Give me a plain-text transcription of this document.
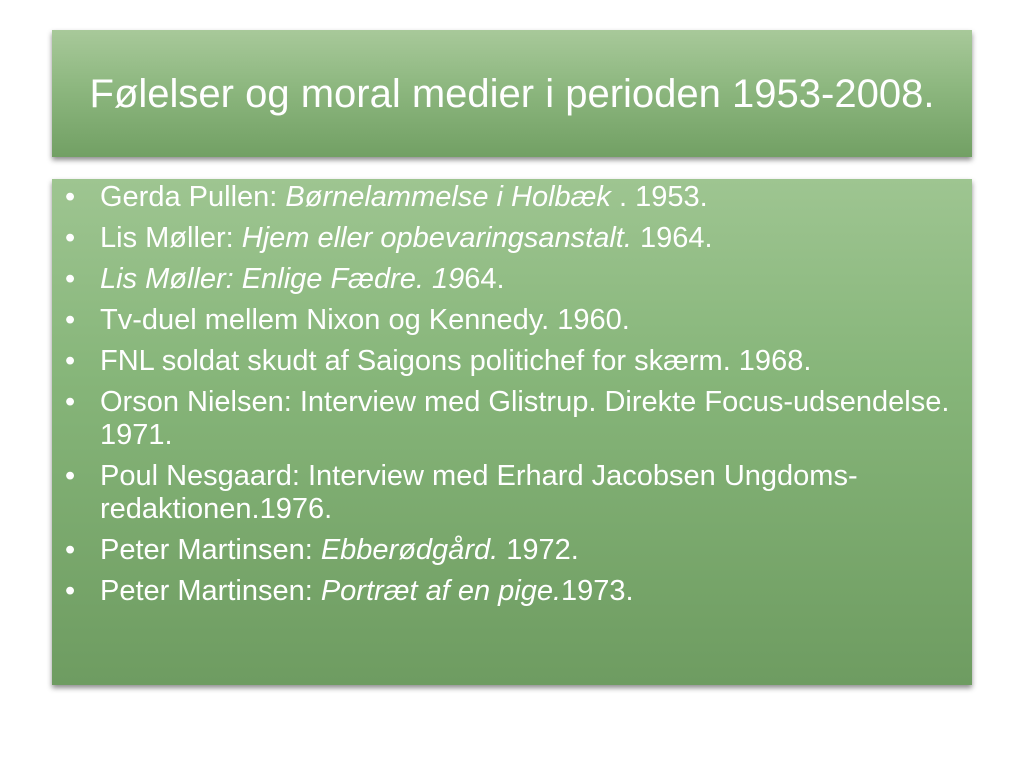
Følelser og moral medier i perioden 1953-2008.
• Gerda Pullen: Børnelammelse i Holbæk . 1953.
• Lis Møller: Hjem eller opbevaringsanstalt. 1964.
• Lis Møller: Enlige Fædre. 1964.
• Tv-duel mellem Nixon og Kennedy. 1960.
• FNL soldat skudt af Saigons politichef for skærm. 1968.
• Orson Nielsen: Interview med Glistrup. Direkte Focus-udsendelse. 1971.
• Poul Nesgaard: Interview med Erhard Jacobsen Ungdoms-redaktionen.1976.
• Peter Martinsen: Ebberødgård. 1972.
• Peter Martinsen: Portræt af en pige.1973.
